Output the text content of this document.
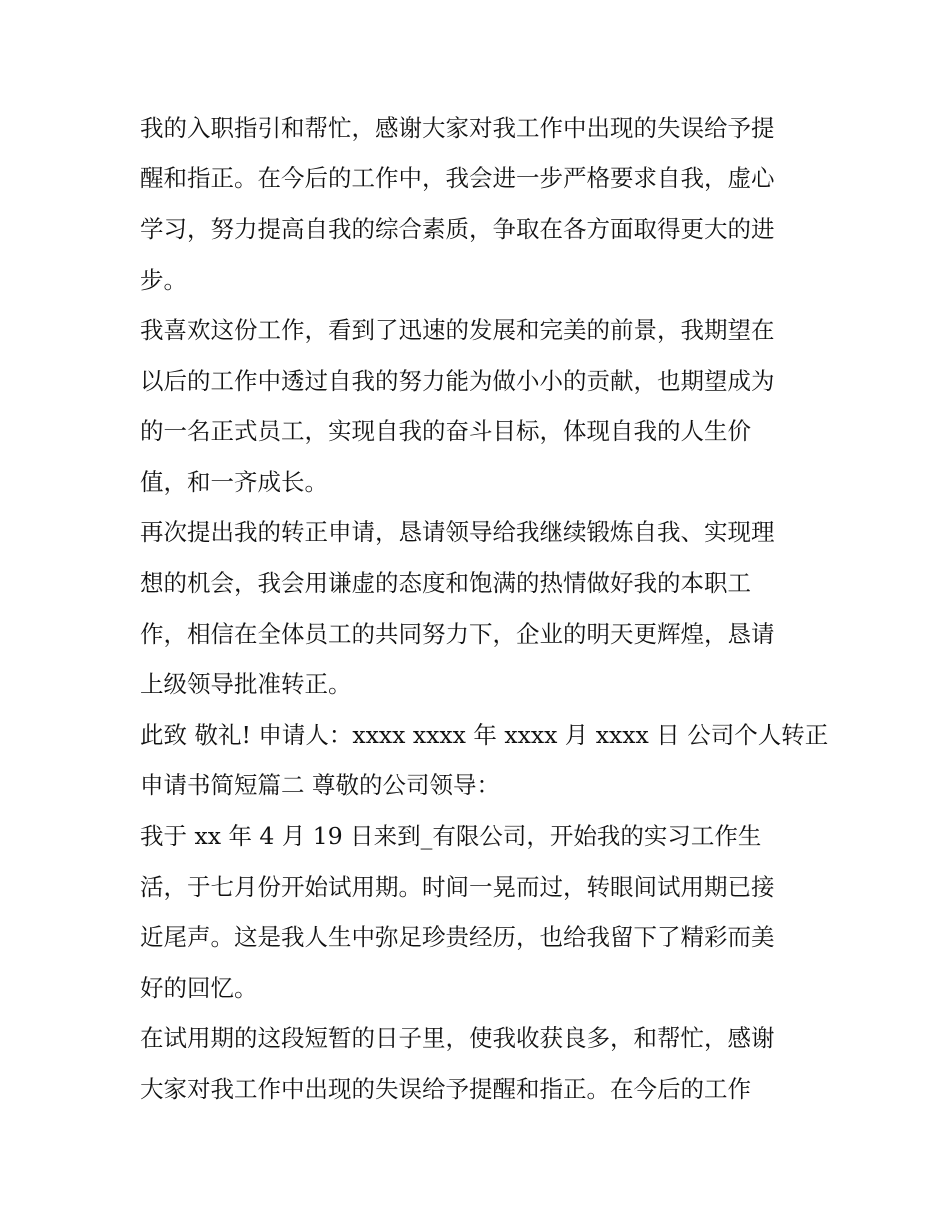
我的入职指引和帮忙，感谢大家对我工作中出现的失误给予提
醒和指正。在今后的工作中，我会进一步严格要求自我，虚心
学习，努力提高自我的综合素质，争取在各方面取得更大的进
步。
我喜欢这份工作，看到了迅速的发展和完美的前景，我期望在
以后的工作中透过自我的努力能为做小小的贡献，也期望成为
的一名正式员工，实现自我的奋斗目标，体现自我的人生价
值，和一齐成长。
再次提出我的转正申请，恳请领导给我继续锻炼自我、实现理
想的机会，我会用谦虚的态度和饱满的热情做好我的本职工
作，相信在全体员工的共同努力下，企业的明天更辉煌，恳请
上级领导批准转正。
此致 敬礼! 申请人：xxxx xxxx 年 xxxx 月 xxxx 日 公司个人转正
申请书简短篇二 尊敬的公司领导：
我于 xx 年 4 月 19 日来到_有限公司，开始我的实习工作生
活，于七月份开始试用期。时间一晃而过，转眼间试用期已接
近尾声。这是我人生中弥足珍贵经历，也给我留下了精彩而美
好的回忆。
在试用期的这段短暂的日子里，使我收获良多，和帮忙，感谢
大家对我工作中出现的失误给予提醒和指正。在今后的工作
